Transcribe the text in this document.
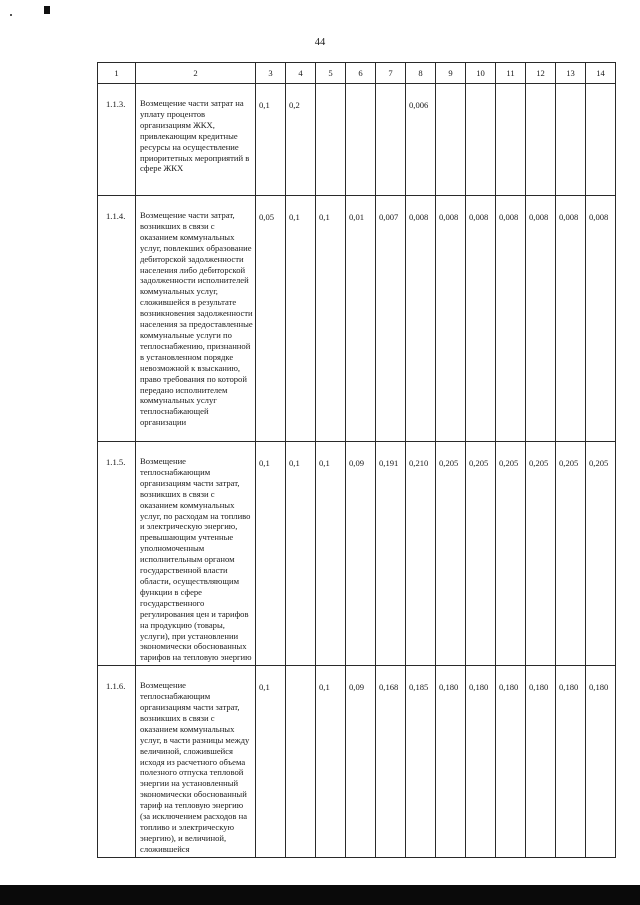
44
1	2	3	4	5	6	7	8	9	10	11	12	13	14
1.1.3.	Возмещение части затрат на уплату процентов организациям ЖКХ, привлекающим кредитные ресурсы на осуществление приоритетных мероприятий в сфере ЖКХ	0,1	0,2				0,006						
1.1.4.	Возмещение части затрат, возникших в связи с оказанием коммунальных услуг, повлекших образование дебиторской задолженности населения либо дебиторской задолженности исполнителей коммунальных услуг, сложившейся в результате возникновения задолженности населения за предоставленные коммунальные услуги по теплоснабжению, признанной в установленном порядке невозможной к взысканию, право требования по которой передано исполнителем коммунальных услуг теплоснабжающей организации	0,05	0,1	0,1	0,01	0,007	0,008	0,008	0,008	0,008	0,008	0,008	0,008
1.1.5.	Возмещение теплоснабжающим организациям части затрат, возникших в связи с оказанием коммунальных услуг, по расходам на топливо и электрическую энергию, превышающим учтенные уполномоченным исполнительным органом государственной власти области, осуществляющим функции в сфере государственного регулирования цен и тарифов на продукцию (товары, услуги), при установлении экономически обоснованных тарифов на тепловую энергию	0,1	0,1	0,1	0,09	0,191	0,210	0,205	0,205	0,205	0,205	0,205	0,205
1.1.6.	Возмещение теплоснабжающим организациям части затрат, возникших в связи с оказанием коммунальных услуг, в части разницы между величиной, сложившейся исходя из расчетного объема полезного отпуска тепловой энергии на установленный экономически обоснованный тариф на тепловую энергию (за исключением расходов на топливо и электрическую энергию), и величиной, сложившейся	0,1		0,1	0,09	0,168	0,185	0,180	0,180	0,180	0,180	0,180	0,180
